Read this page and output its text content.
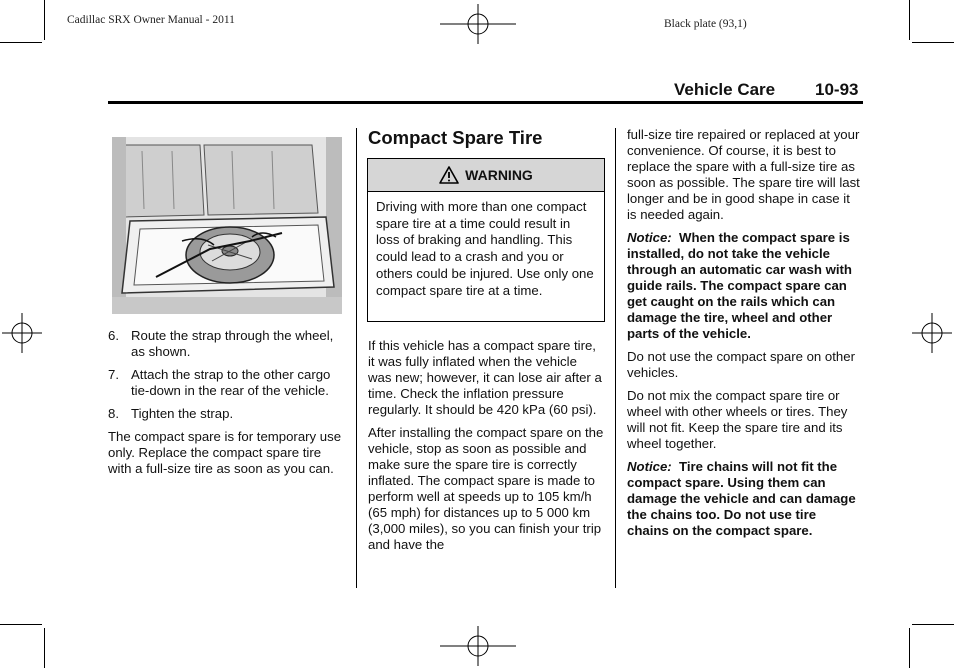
Cadillac SRX Owner Manual - 2011	Black plate (93,1)
Vehicle Care 10-93
6. Route the strap through the wheel, as shown.
7. Attach the strap to the other cargo tie-down in the rear of the vehicle.
8. Tighten the strap.

The compact spare is for temporary use only. Replace the compact spare tire with a full-size tire as soon as you can.

Compact Spare Tire
WARNING
Driving with more than one compact spare tire at a time could result in loss of braking and handling. This could lead to a crash and you or others could be injured. Use only one compact spare tire at a time.

If this vehicle has a compact spare tire, it was fully inflated when the vehicle was new; however, it can lose air after a time. Check the inflation pressure regularly. It should be 420 kPa (60 psi).

After installing the compact spare on the vehicle, stop as soon as possible and make sure the spare tire is correctly inflated. The compact spare is made to perform well at speeds up to 105 km/h (65 mph) for distances up to 5 000 km (3,000 miles), so you can finish your trip and have the

full-size tire repaired or replaced at your convenience. Of course, it is best to replace the spare with a full-size tire as soon as possible. The spare tire will last longer and be in good shape in case it is needed again.

Notice: When the compact spare is installed, do not take the vehicle through an automatic car wash with guide rails. The compact spare can get caught on the rails which can damage the tire, wheel and other parts of the vehicle.

Do not use the compact spare on other vehicles.

Do not mix the compact spare tire or wheel with other wheels or tires. They will not fit. Keep the spare tire and its wheel together.

Notice: Tire chains will not fit the compact spare. Using them can damage the vehicle and can damage the chains too. Do not use tire chains on the compact spare.
